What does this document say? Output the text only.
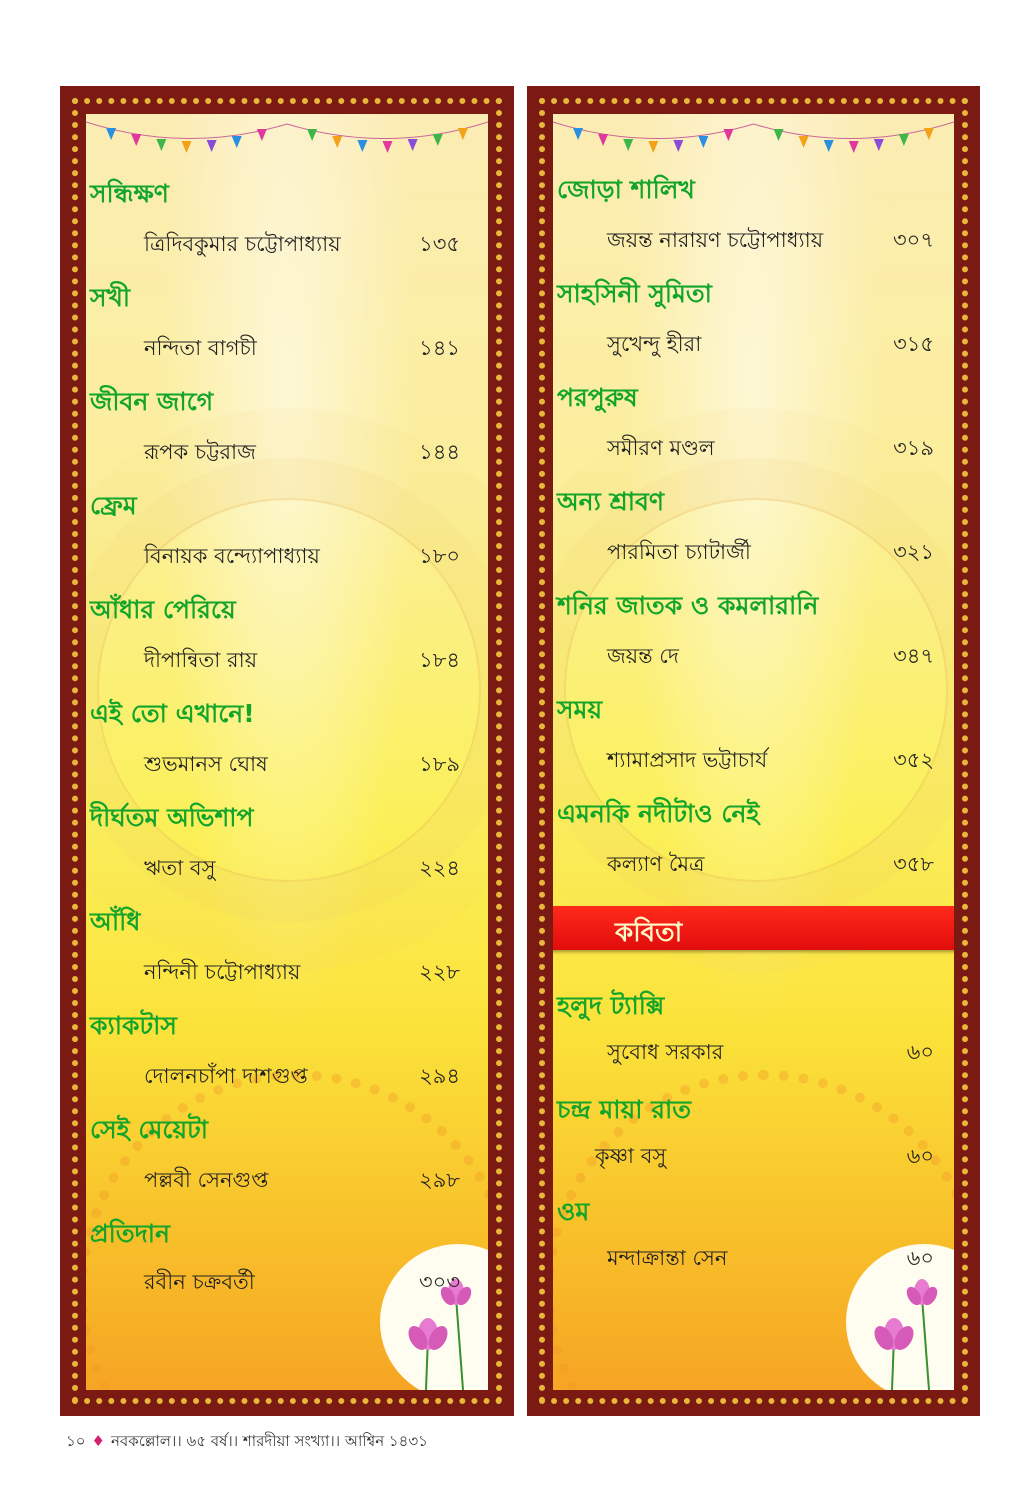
সন্ধিক্ষণ
ত্রিদিবকুমার চট্টোপাধ্যায়	১৩৫
সখী
নন্দিতা বাগচী	১৪১
জীবন জাগে
রূপক চট্টরাজ	১৪৪
ফ্রেম
বিনায়ক বন্দ্যোপাধ্যায়	১৮০
আঁধার পেরিয়ে
দীপান্বিতা রায়	১৮৪
এই তো এখানে!
শুভমানস ঘোষ	১৮৯
দীর্ঘতম অভিশাপ
ঋতা বসু	২২৪
আঁধি
নন্দিনী চট্টোপাধ্যায়	২২৮
ক্যাকটাস
দোলনচাঁপা দাশগুপ্ত	২৯৪
সেই মেয়েটা
পল্লবী সেনগুপ্ত	২৯৮
প্রতিদান
রবীন চক্রবর্তী	৩০৩
জোড়া শালিখ
জয়ন্ত নারায়ণ চট্টোপাধ্যায়	৩০৭
সাহসিনী সুমিতা
সুখেন্দু হীরা	৩১৫
পরপুরুষ
সমীরণ মণ্ডল	৩১৯
অন্য শ্রাবণ
পারমিতা চ্যাটার্জী	৩২১
শনির জাতক ও কমলারানি
জয়ন্ত দে	৩৪৭
সময়
শ্যামাপ্রসাদ ভট্টাচার্য	৩৫২
এমনকি নদীটাও নেই
কল্যাণ মৈত্র	৩৫৮
কবিতা
হলুদ ট্যাক্সি
সুবোধ সরকার	৬০
চন্দ্র মায়া রাত
কৃষ্ণা বসু	৬০
ওম
মন্দাক্রান্তা সেন	৬০
১০ ♦ নবকল্লোল।। ৬৫ বর্ষ।। শারদীয়া সংখ্যা।। আশ্বিন ১৪৩১
